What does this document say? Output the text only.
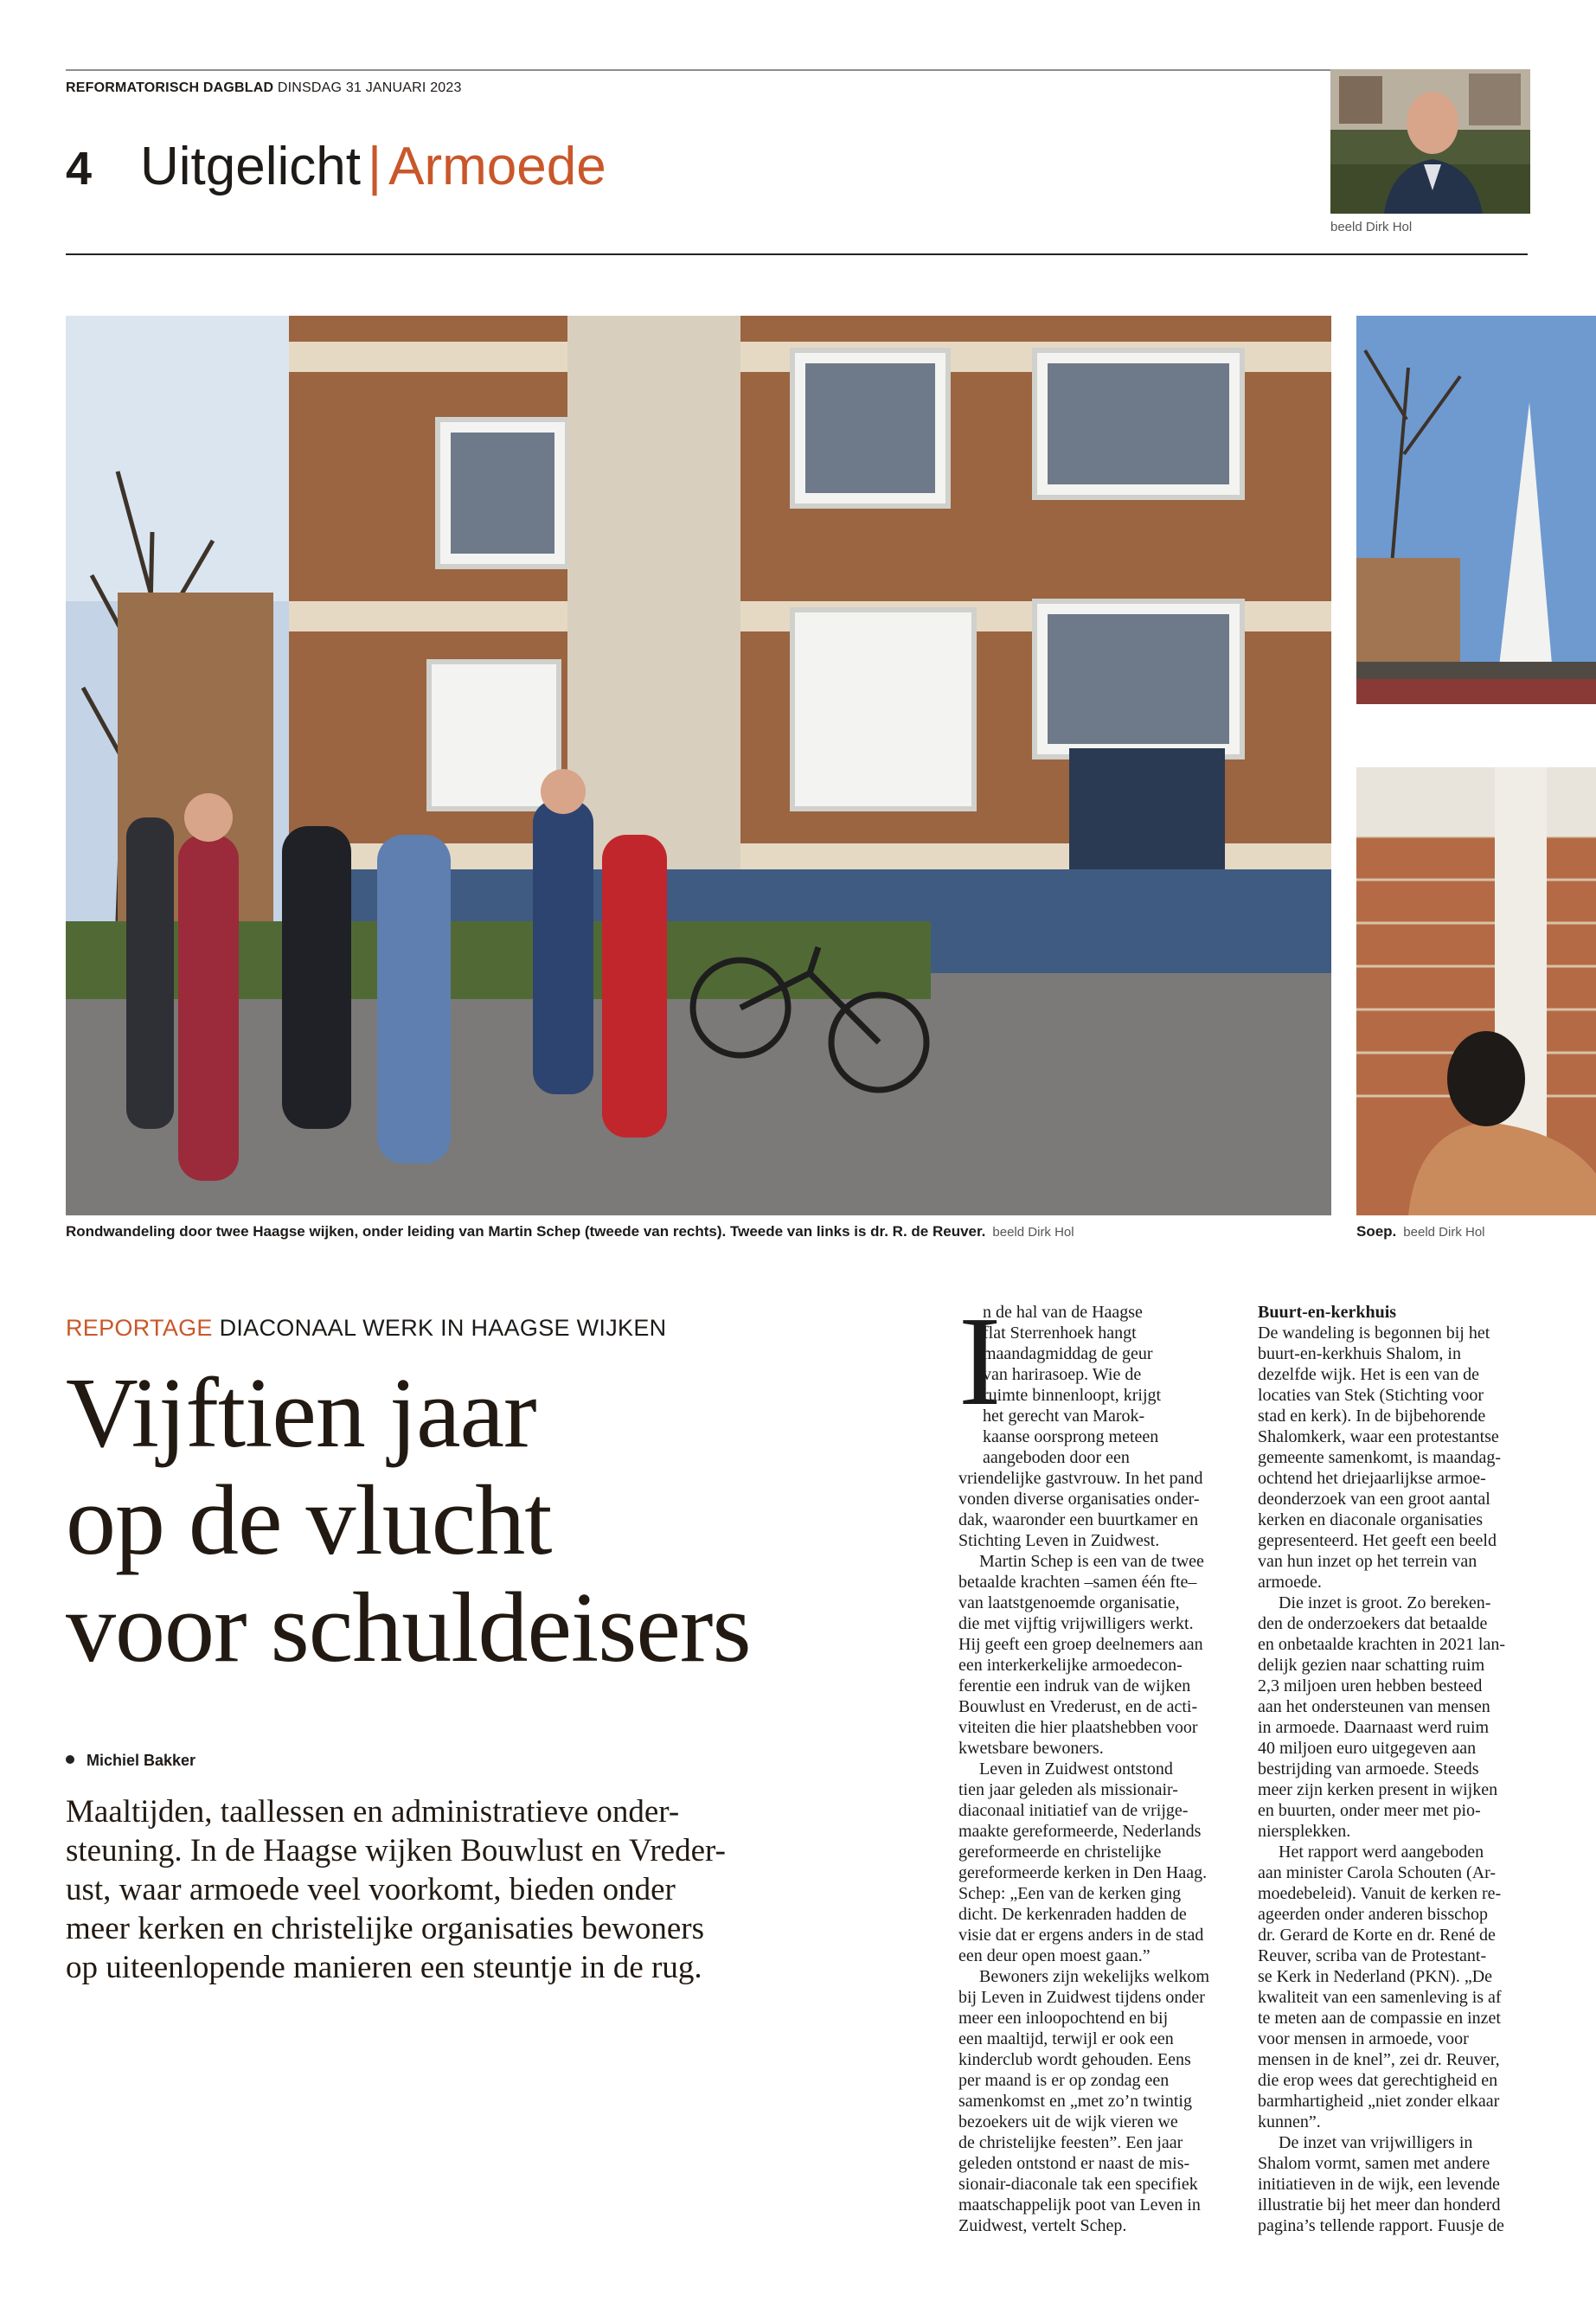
REFORMATORISCH DAGBLAD DINSDAG 31 JANUARI 2023
4 Uitgelicht | Armoede
beeld Dirk Hol
Rondwandeling door twee Haagse wijken, onder leiding van Martin Schep (tweede van rechts). Tweede van links is dr. R. de Reuver. beeld Dirk Hol	Soep. beeld Dirk Hol
REPORTAGE DIACONAAL WERK IN HAAGSE WIJKEN
Vijftien jaar
op de vlucht
voor schuldeisers
Michiel Bakker

Maaltijden, taallessen en administratieve onder-
steuning. In de Haagse wijken Bouwlust en Vreder-
ust, waar armoede veel voorkomt, bieden onder
meer kerken en christelijke organisaties bewoners
op uiteenlopende manieren een steuntje in de rug.

I
n de hal van de Haagse
flat Sterrenhoek hangt
maandagmiddag de geur
van harirasoep. Wie de
ruimte binnenloopt, krijgt
het gerecht van Marok-
kaanse oorsprong meteen
aangeboden door een
vriendelijke gastvrouw. In het pand
vonden diverse organisaties onder-
dak, waaronder een buurtkamer en
Stichting Leven in Zuidwest.
Martin Schep is een van de twee
betaalde krachten –samen één fte–
van laatstgenoemde organisatie,
die met vijftig vrijwilligers werkt.
Hij geeft een groep deelnemers aan
een interkerkelijke armoedecon-
ferentie een indruk van de wijken
Bouwlust en Vrederust, en de acti-
viteiten die hier plaatshebben voor
kwetsbare bewoners.
Leven in Zuidwest ontstond
tien jaar geleden als missionair-
diaconaal initiatief van de vrijge-
maakte gereformeerde, Nederlands
gereformeerde en christelijke
gereformeerde kerken in Den Haag.
Schep: „Een van de kerken ging
dicht. De kerkenraden hadden de
visie dat er ergens anders in de stad
een deur open moest gaan.”
Bewoners zijn wekelijks welkom
bij Leven in Zuidwest tijdens onder
meer een inloopochtend en bij
een maaltijd, terwijl er ook een
kinderclub wordt gehouden. Eens
per maand is er op zondag een
samenkomst en „met zo’n twintig
bezoekers uit de wijk vieren we
de christelijke feesten”. Een jaar
geleden ontstond er naast de mis-
sionair-diaconale tak een specifiek
maatschappelijk poot van Leven in
Zuidwest, vertelt Schep.
Buurt-en-kerkhuis
De wandeling is begonnen bij het
buurt-en-kerkhuis Shalom, in
dezelfde wijk. Het is een van de
locaties van Stek (Stichting voor
stad en kerk). In de bijbehorende
Shalomkerk, waar een protestantse
gemeente samenkomt, is maandag-
ochtend het driejaarlijkse armoe-
deonderzoek van een groot aantal
kerken en diaconale organisaties
gepresenteerd. Het geeft een beeld
van hun inzet op het terrein van
armoede.
Die inzet is groot. Zo bereken-
den de onderzoekers dat betaalde
en onbetaalde krachten in 2021 lan-
delijk gezien naar schatting ruim
2,3 miljoen uren hebben besteed
aan het ondersteunen van mensen
in armoede. Daarnaast werd ruim
40 miljoen euro uitgegeven aan
bestrijding van armoede. Steeds
meer zijn kerken present in wijken
en buurten, onder meer met pio-
niersplekken.
Het rapport werd aangeboden
aan minister Carola Schouten (Ar-
moedebeleid). Vanuit de kerken re-
ageerden onder anderen bisschop
dr. Gerard de Korte en dr. René de
Reuver, scriba van de Protestant-
se Kerk in Nederland (PKN). „De
kwaliteit van een samenleving is af
te meten aan de compassie en inzet
voor mensen in armoede, voor
mensen in de knel”, zei dr. Reuver,
die erop wees dat gerechtigheid en
barmhartigheid „niet zonder elkaar
kunnen”.
De inzet van vrijwilligers in
Shalom vormt, samen met andere
initiatieven in de wijk, een levende
illustratie bij het meer dan honderd
pagina’s tellende rapport. Fuusje de
